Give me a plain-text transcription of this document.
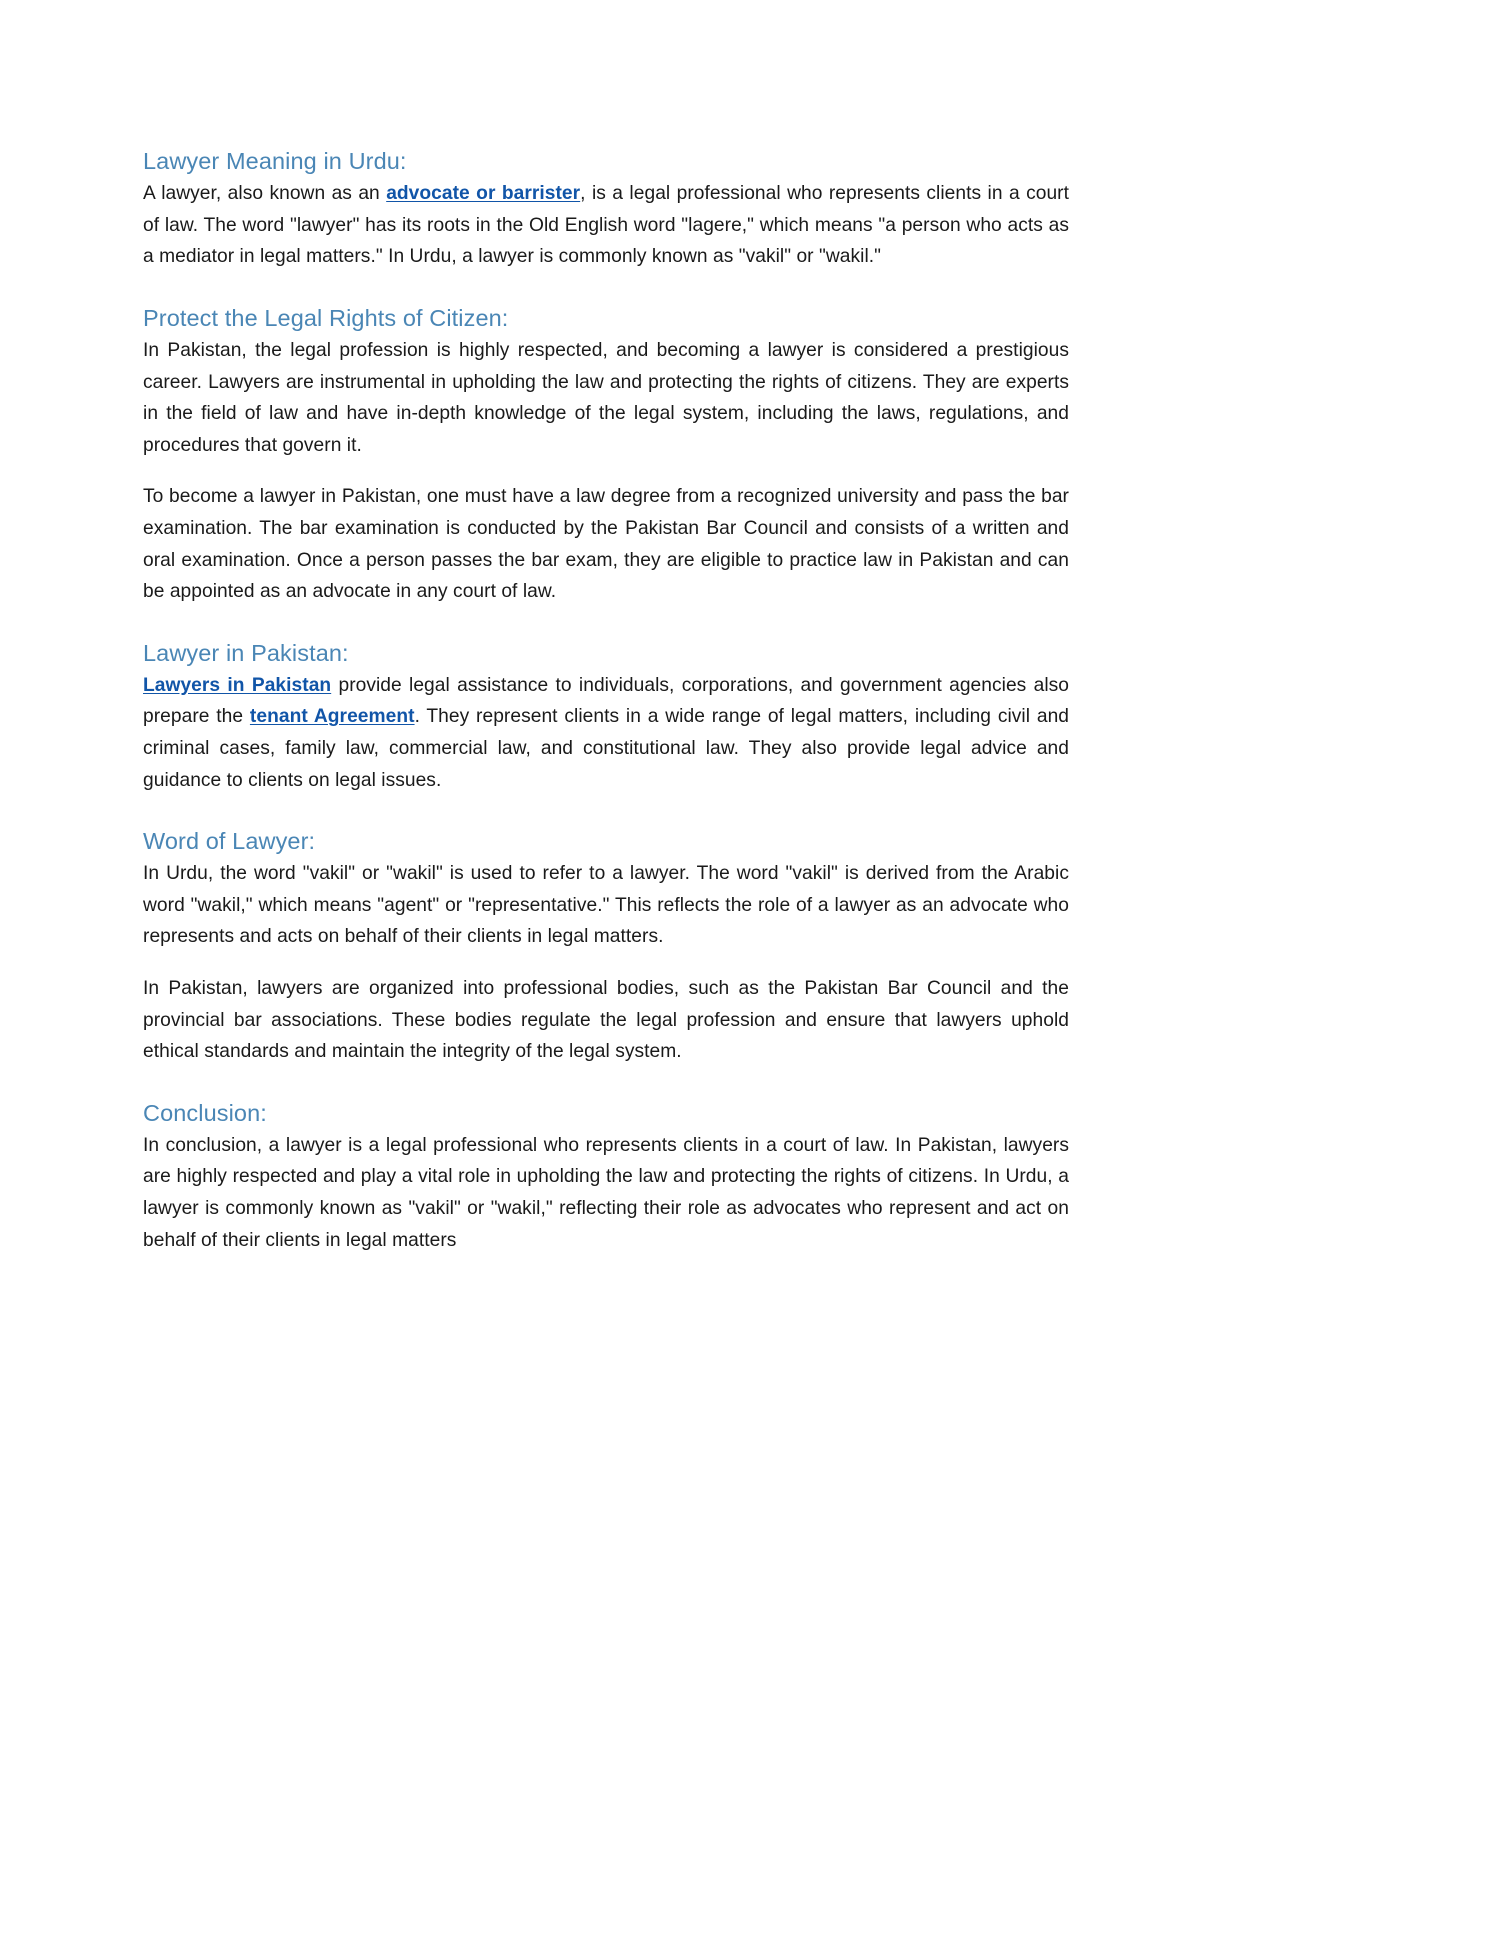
Lawyer Meaning in Urdu:

A lawyer, also known as an advocate or barrister, is a legal professional who represents clients in a court of law. The word "lawyer" has its roots in the Old English word "lagere," which means "a person who acts as a mediator in legal matters." In Urdu, a lawyer is commonly known as "vakil" or "wakil."

Protect the Legal Rights of Citizen:

In Pakistan, the legal profession is highly respected, and becoming a lawyer is considered a prestigious career. Lawyers are instrumental in upholding the law and protecting the rights of citizens. They are experts in the field of law and have in-depth knowledge of the legal system, including the laws, regulations, and procedures that govern it.

To become a lawyer in Pakistan, one must have a law degree from a recognized university and pass the bar examination. The bar examination is conducted by the Pakistan Bar Council and consists of a written and oral examination. Once a person passes the bar exam, they are eligible to practice law in Pakistan and can be appointed as an advocate in any court of law.

Lawyer in Pakistan:

Lawyers in Pakistan provide legal assistance to individuals, corporations, and government agencies also prepare the tenant Agreement. They represent clients in a wide range of legal matters, including civil and criminal cases, family law, commercial law, and constitutional law. They also provide legal advice and guidance to clients on legal issues.

Word of Lawyer:

In Urdu, the word "vakil" or "wakil" is used to refer to a lawyer. The word "vakil" is derived from the Arabic word "wakil," which means "agent" or "representative." This reflects the role of a lawyer as an advocate who represents and acts on behalf of their clients in legal matters.

In Pakistan, lawyers are organized into professional bodies, such as the Pakistan Bar Council and the provincial bar associations. These bodies regulate the legal profession and ensure that lawyers uphold ethical standards and maintain the integrity of the legal system.

Conclusion:

In conclusion, a lawyer is a legal professional who represents clients in a court of law. In Pakistan, lawyers are highly respected and play a vital role in upholding the law and protecting the rights of citizens. In Urdu, a lawyer is commonly known as "vakil" or "wakil," reflecting their role as advocates who represent and act on behalf of their clients in legal matters
